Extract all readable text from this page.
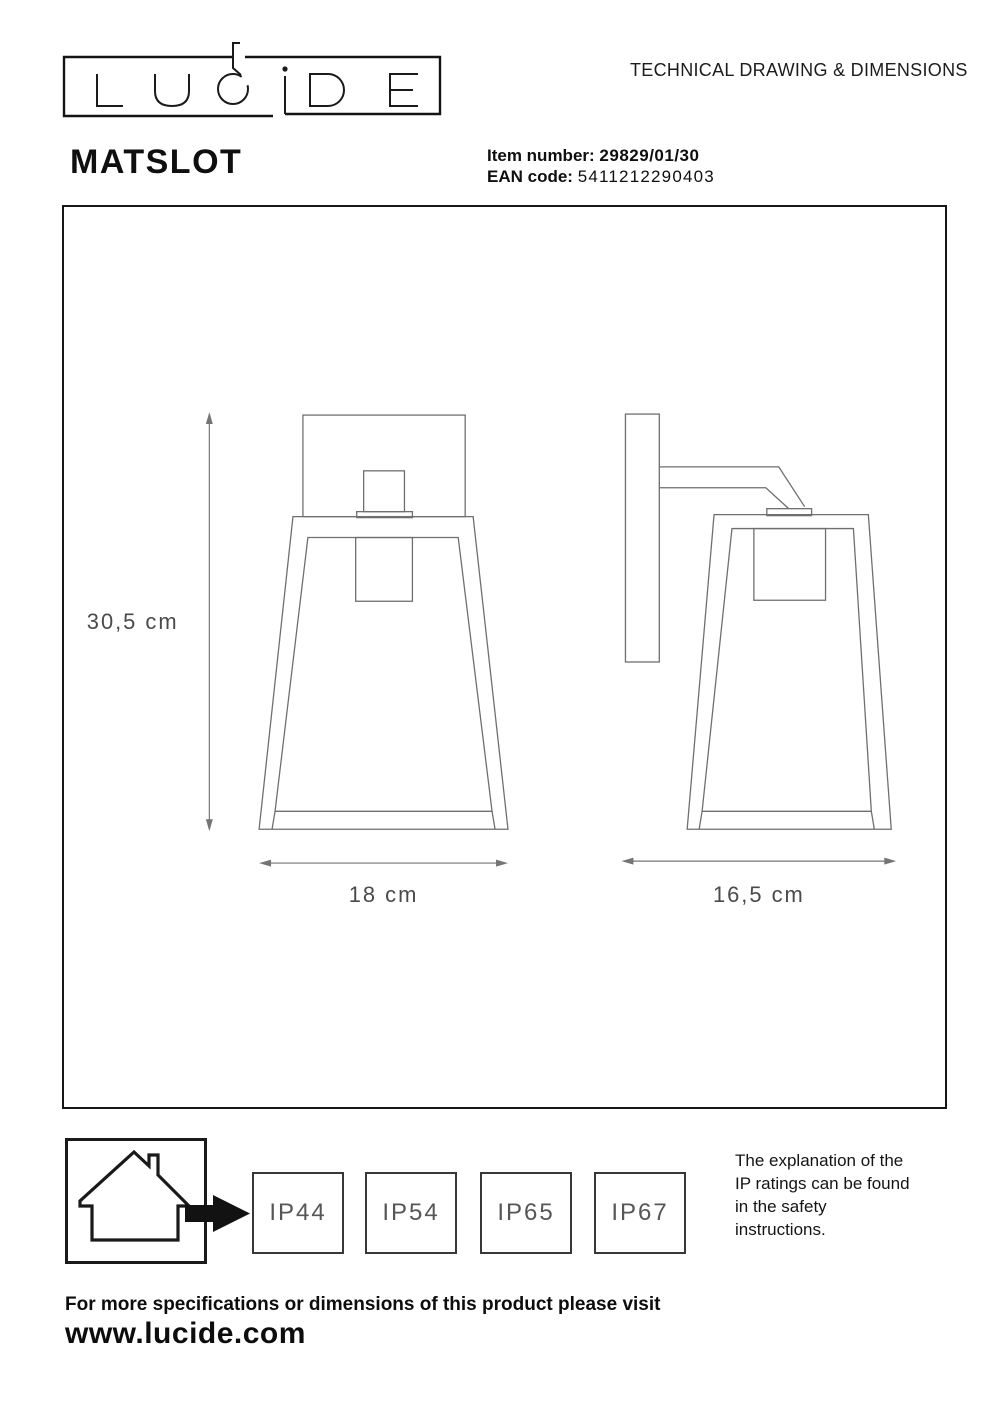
TECHNICAL DRAWING & DIMENSIONS
MATSLOT	Item number: 29829/01/30
EAN code: 5411212290403
30,5 cm
18 cm	16,5 cm
IP44	IP54	IP65	IP67
The explanation of the
IP ratings can be found
in the safety
instructions.
For more specifications or dimensions of this product please visit
www.lucide.com
